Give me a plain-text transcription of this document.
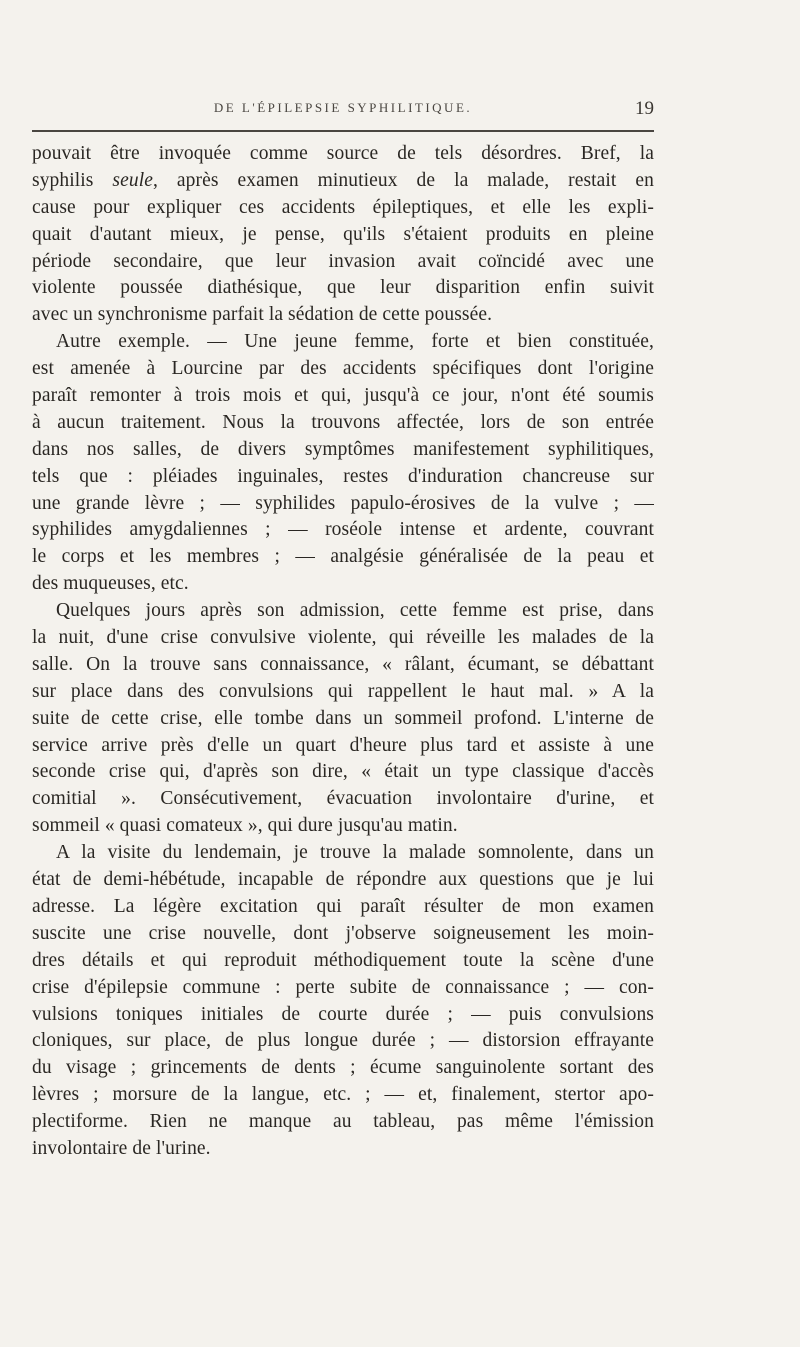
DE L'ÉPILEPSIE SYPHILITIQUE.	19
pouvait être invoquée comme source de tels désordres. Bref, la
syphilis seule, après examen minutieux de la malade, restait en
cause pour expliquer ces accidents épileptiques, et elle les expli-
quait d'autant mieux, je pense, qu'ils s'étaient produits en pleine
période secondaire, que leur invasion avait coïncidé avec une
violente poussée diathésique, que leur disparition enfin suivit
avec un synchronisme parfait la sédation de cette poussée.
Autre exemple. — Une jeune femme, forte et bien constituée,
est amenée à Lourcine par des accidents spécifiques dont l'origine
paraît remonter à trois mois et qui, jusqu'à ce jour, n'ont été soumis
à aucun traitement. Nous la trouvons affectée, lors de son entrée
dans nos salles, de divers symptômes manifestement syphilitiques,
tels que : pléiades inguinales, restes d'induration chancreuse sur
une grande lèvre ; — syphilides papulo-érosives de la vulve ; —
syphilides amygdaliennes ; — roséole intense et ardente, couvrant
le corps et les membres ; — analgésie généralisée de la peau et
des muqueuses, etc.
Quelques jours après son admission, cette femme est prise, dans
la nuit, d'une crise convulsive violente, qui réveille les malades de la
salle. On la trouve sans connaissance, « râlant, écumant, se débattant
sur place dans des convulsions qui rappellent le haut mal. » A la
suite de cette crise, elle tombe dans un sommeil profond. L'interne de
service arrive près d'elle un quart d'heure plus tard et assiste à une
seconde crise qui, d'après son dire, « était un type classique d'accès
comitial ». Consécutivement, évacuation involontaire d'urine, et
sommeil « quasi comateux », qui dure jusqu'au matin.
A la visite du lendemain, je trouve la malade somnolente, dans un
état de demi-hébétude, incapable de répondre aux questions que je lui
adresse. La légère excitation qui paraît résulter de mon examen
suscite une crise nouvelle, dont j'observe soigneusement les moin-
dres détails et qui reproduit méthodiquement toute la scène d'une
crise d'épilepsie commune : perte subite de connaissance ; — con-
vulsions toniques initiales de courte durée ; — puis convulsions
cloniques, sur place, de plus longue durée ; — distorsion effrayante
du visage ; grincements de dents ; écume sanguinolente sortant des
lèvres ; morsure de la langue, etc. ; — et, finalement, stertor apo-
plectiforme. Rien ne manque au tableau, pas même l'émission
involontaire de l'urine.
